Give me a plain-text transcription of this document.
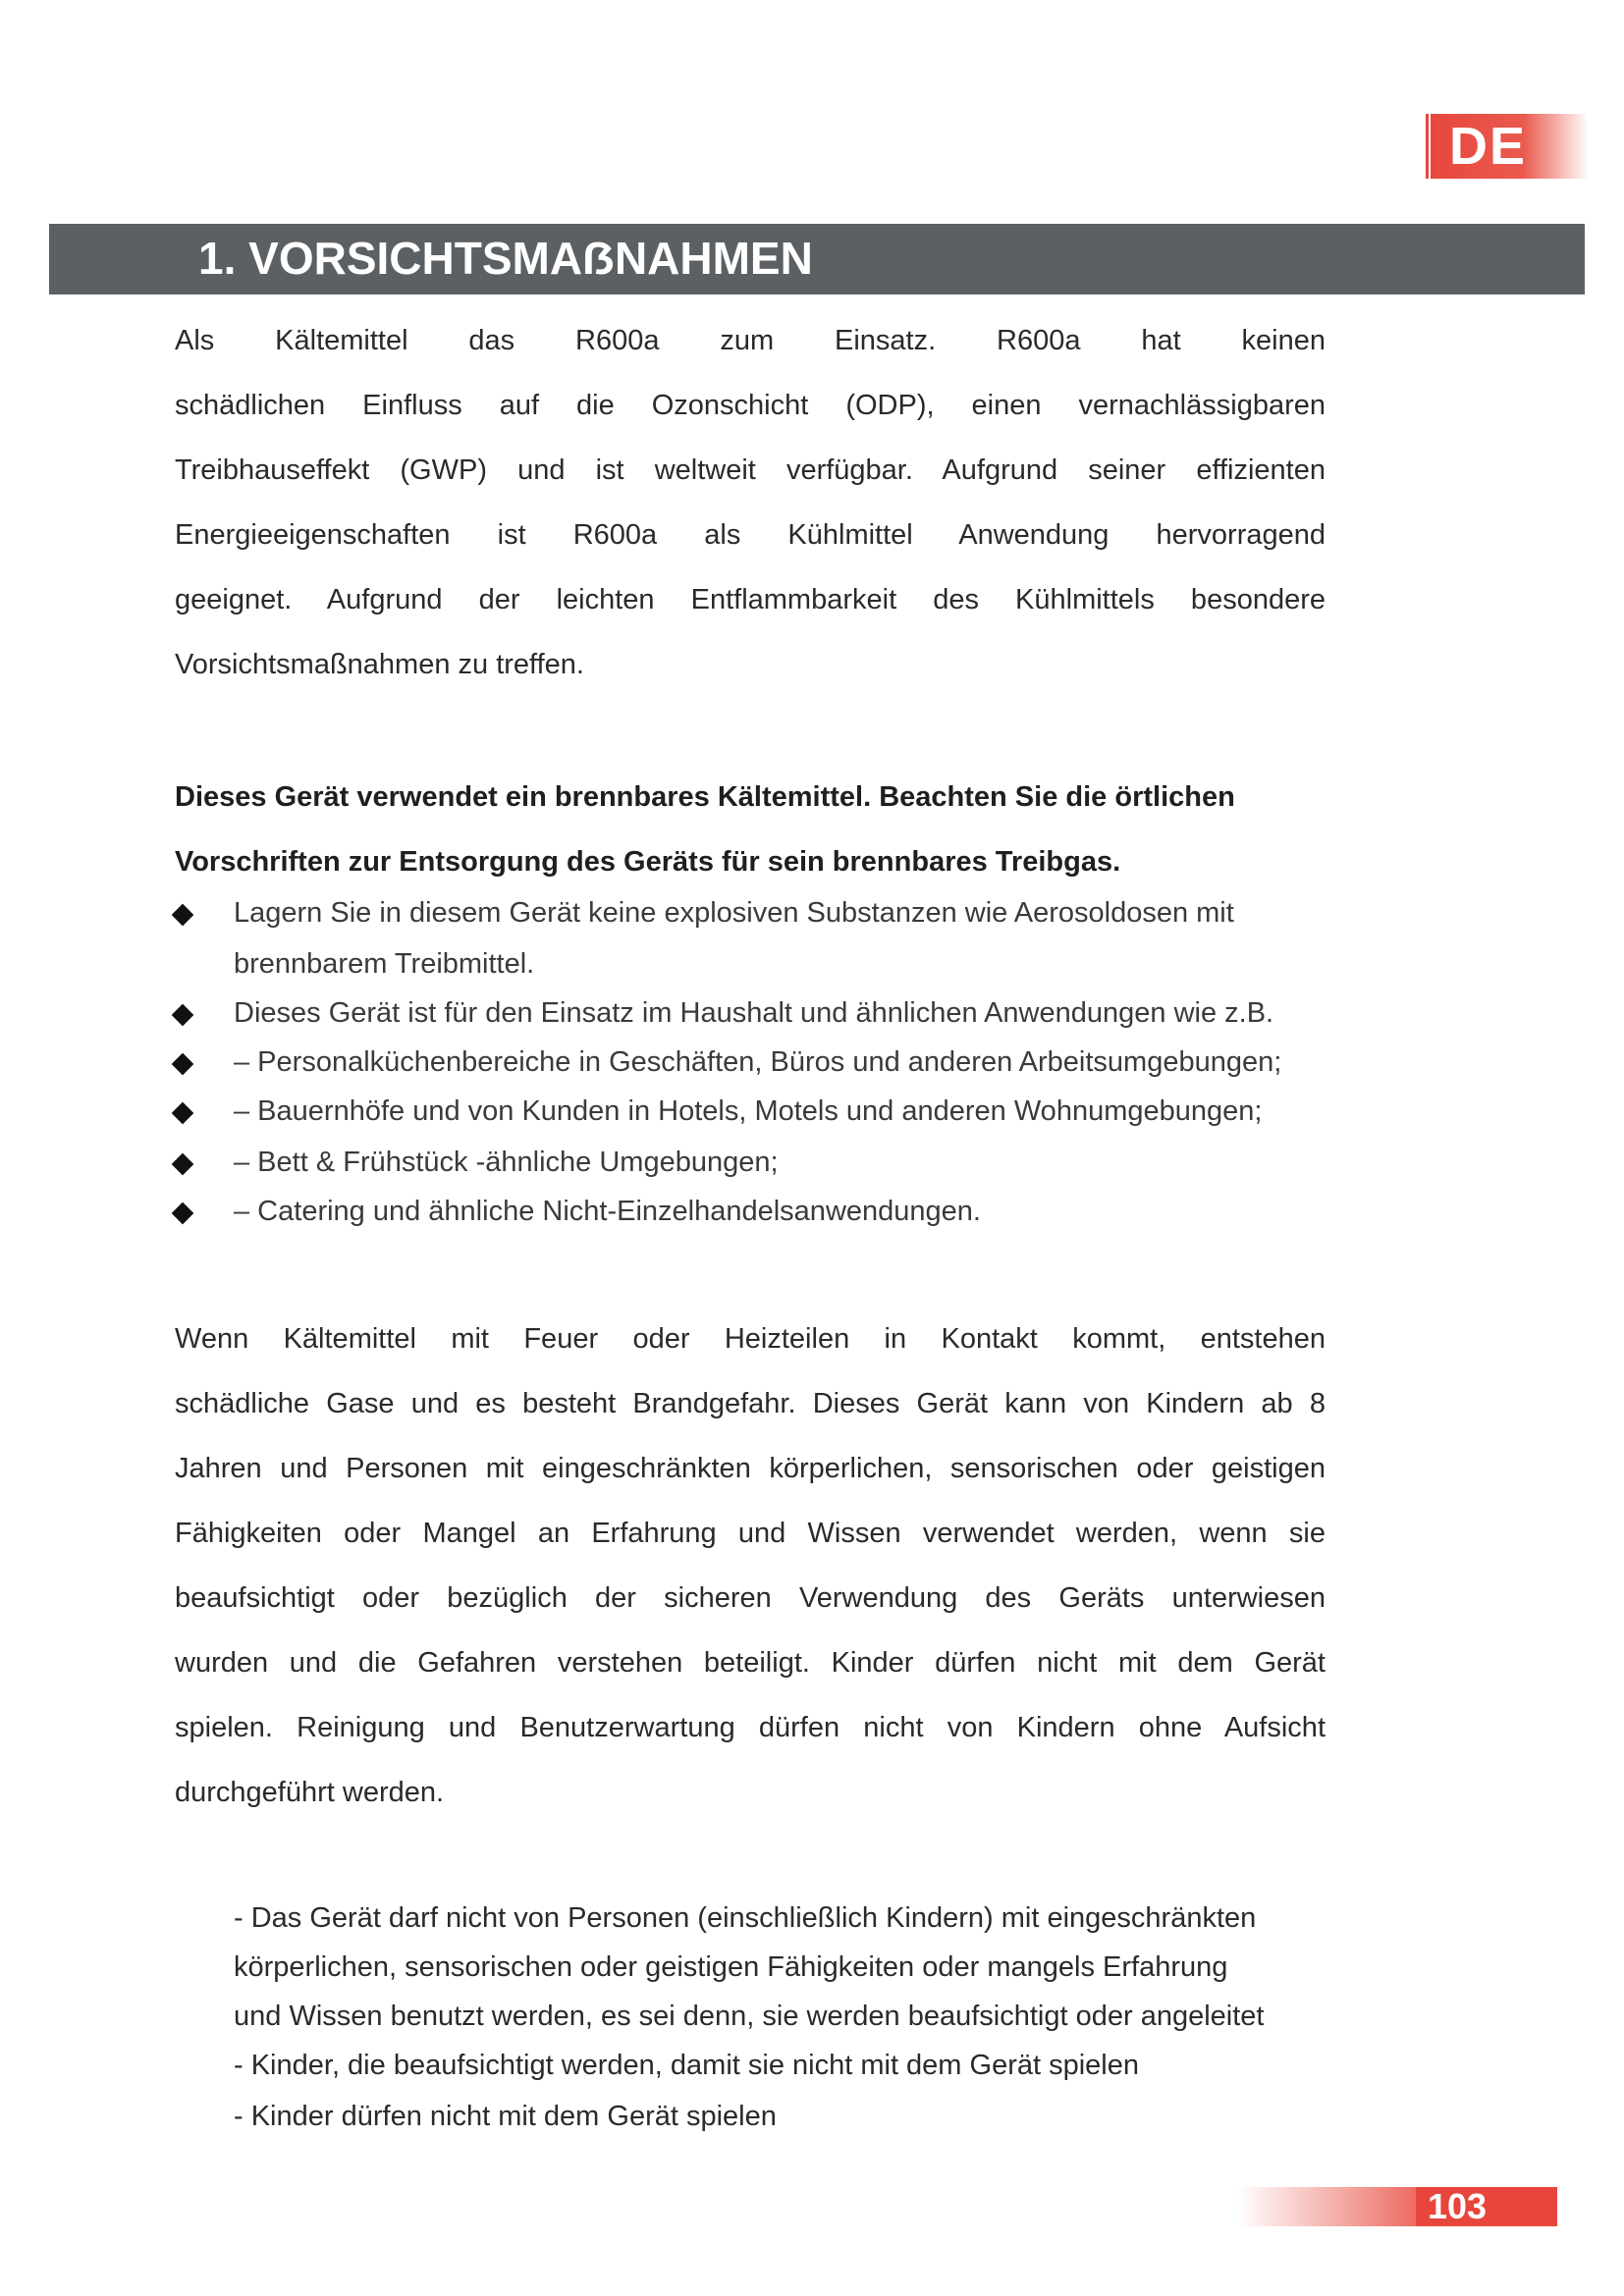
DE
1. VORSICHTSMAẞNAHMEN
Als Kältemittel das R600a zum Einsatz. R600a hat keinen
schädlichen Einfluss auf die Ozonschicht (ODP), einen vernachlässigbaren
Treibhauseffekt (GWP) und ist weltweit verfügbar. Aufgrund seiner effizienten
Energieeigenschaften ist R600a als Kühlmittel Anwendung hervorragend
geeignet. Aufgrund der leichten Entflammbarkeit des Kühlmittels besondere
Vorsichtsmaßnahmen zu treffen.
Dieses Gerät verwendet ein brennbares Kältemittel. Beachten Sie die örtlichen
Vorschriften zur Entsorgung des Geräts für sein brennbares Treibgas.
Lagern Sie in diesem Gerät keine explosiven Substanzen wie Aerosoldosen mit
brennbarem Treibmittel.
Dieses Gerät ist für den Einsatz im Haushalt und ähnlichen Anwendungen wie z.B.
– Personalküchenbereiche in Geschäften, Büros und anderen Arbeitsumgebungen;
– Bauernhöfe und von Kunden in Hotels, Motels und anderen Wohnumgebungen;
– Bett & Frühstück -ähnliche Umgebungen;
– Catering und ähnliche Nicht-Einzelhandelsanwendungen.
Wenn Kältemittel mit Feuer oder Heizteilen in Kontakt kommt, entstehen
schädliche Gase und es besteht Brandgefahr. Dieses Gerät kann von Kindern ab 8
Jahren und Personen mit eingeschränkten körperlichen, sensorischen oder geistigen
Fähigkeiten oder Mangel an Erfahrung und Wissen verwendet werden, wenn sie
beaufsichtigt oder bezüglich der sicheren Verwendung des Geräts unterwiesen
wurden und die Gefahren verstehen beteiligt. Kinder dürfen nicht mit dem Gerät
spielen. Reinigung und Benutzerwartung dürfen nicht von Kindern ohne Aufsicht
durchgeführt werden.
- Das Gerät darf nicht von Personen (einschließlich Kindern) mit eingeschränkten
körperlichen, sensorischen oder geistigen Fähigkeiten oder mangels Erfahrung
und Wissen benutzt werden, es sei denn, sie werden beaufsichtigt oder angeleitet
- Kinder, die beaufsichtigt werden, damit sie nicht mit dem Gerät spielen
- Kinder dürfen nicht mit dem Gerät spielen
103
